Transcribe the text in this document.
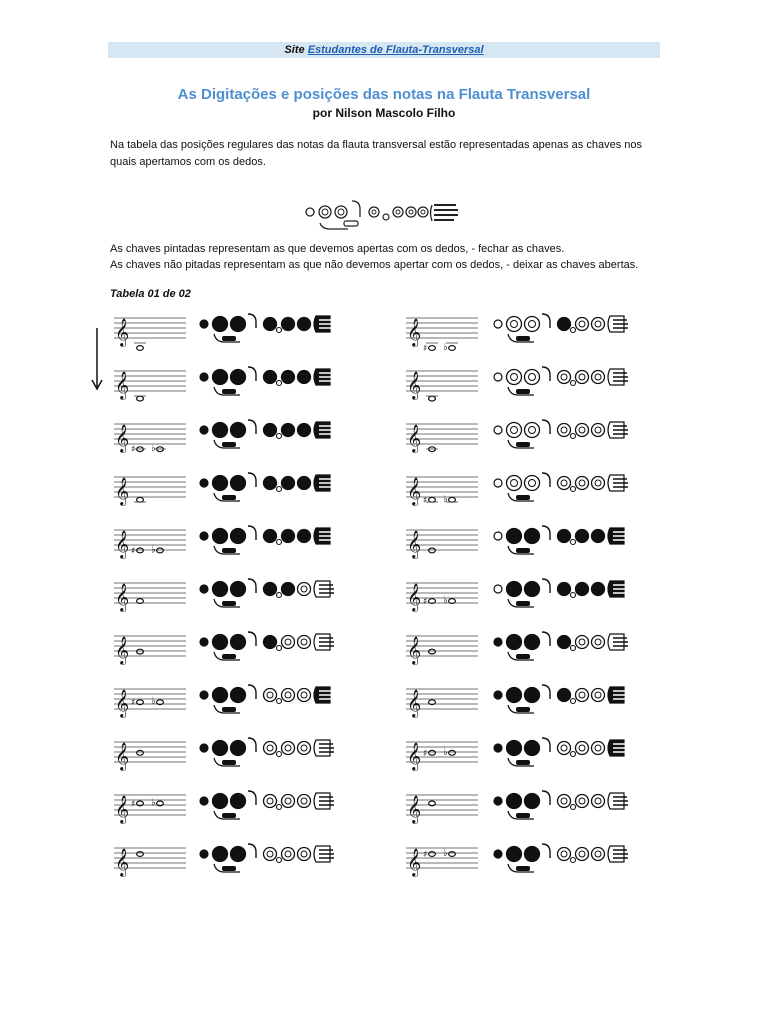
Site Estudantes de Flauta-Transversal
As Digitações e posições das notas na Flauta Transversal
por Nilson Mascolo Filho
Na tabela das posições regulares das notas da flauta transversal estão representadas apenas as chaves nos quais apertamos com os dedos.
As chaves pintadas representam as que devemos apertas com os dedos, - fechar as chaves.
As chaves não pitadas representam as que não devemos apertar com os dedos, - deixar as chaves abertas.
Tabela 01 de 02
𝄞
𝄞
𝄞 ♯ ♭
𝄞
𝄞 ♯ ♭
𝄞
𝄞
𝄞 ♯ ♭
𝄞
𝄞 ♯ ♭
𝄞
𝄞
♯ ♭
𝄞
𝄞
𝄞 ♯ ♭
𝄞
𝄞 ♯ ♭
𝄞
𝄞
𝄞 ♯ ♭
𝄞
𝄞 ♯ ♭
